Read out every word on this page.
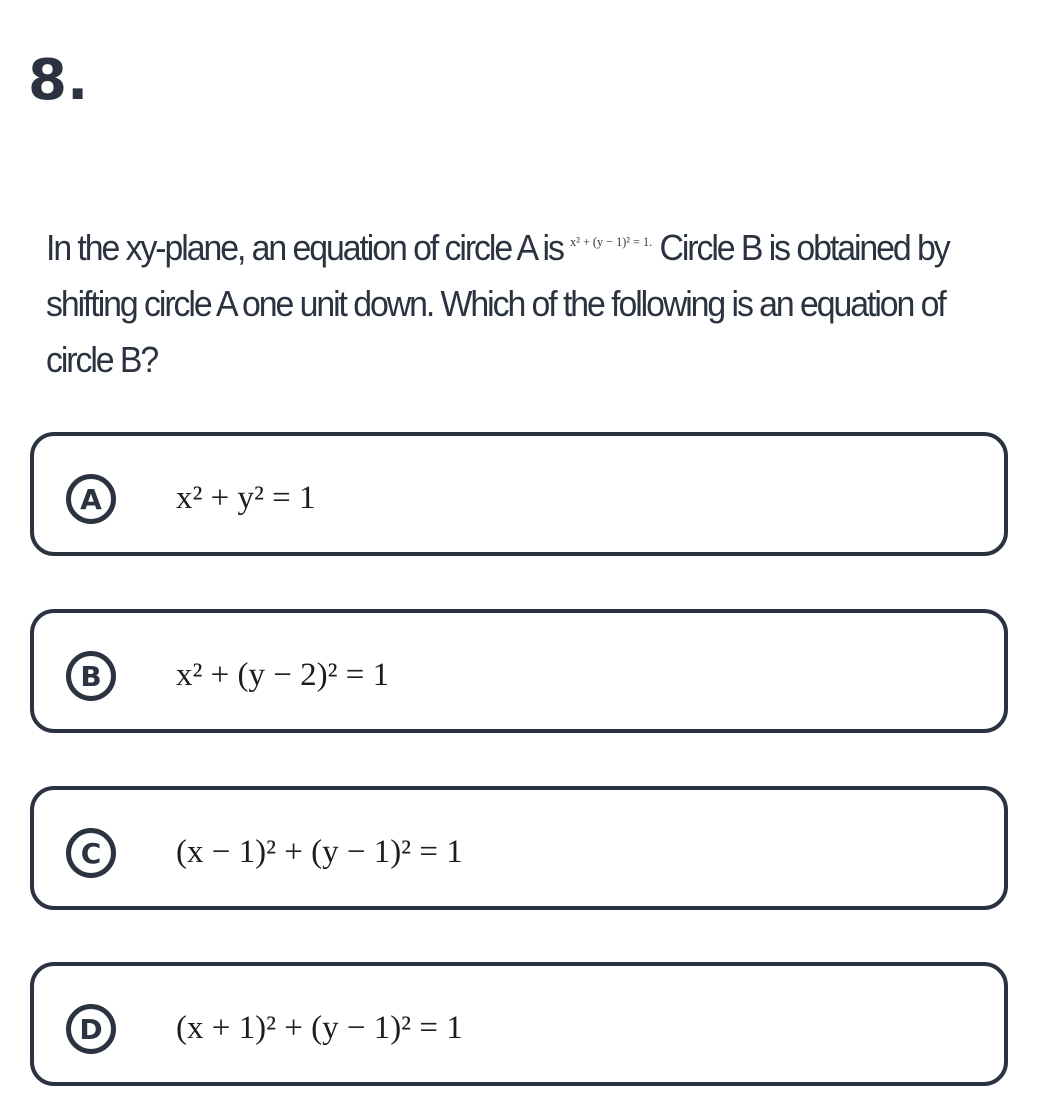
8.
In the xy-plane, an equation of circle A is $^{x^2 + (y - 1)^2 = 1.}$ Circle B is obtained by shifting circle A one unit down. Which of the following is an equation of circle B?
A	x² + y² = 1
B	x² + (y − 2)² = 1
C	(x − 1)² + (y − 1)² = 1
D	(x + 1)² + (y − 1)² = 1
